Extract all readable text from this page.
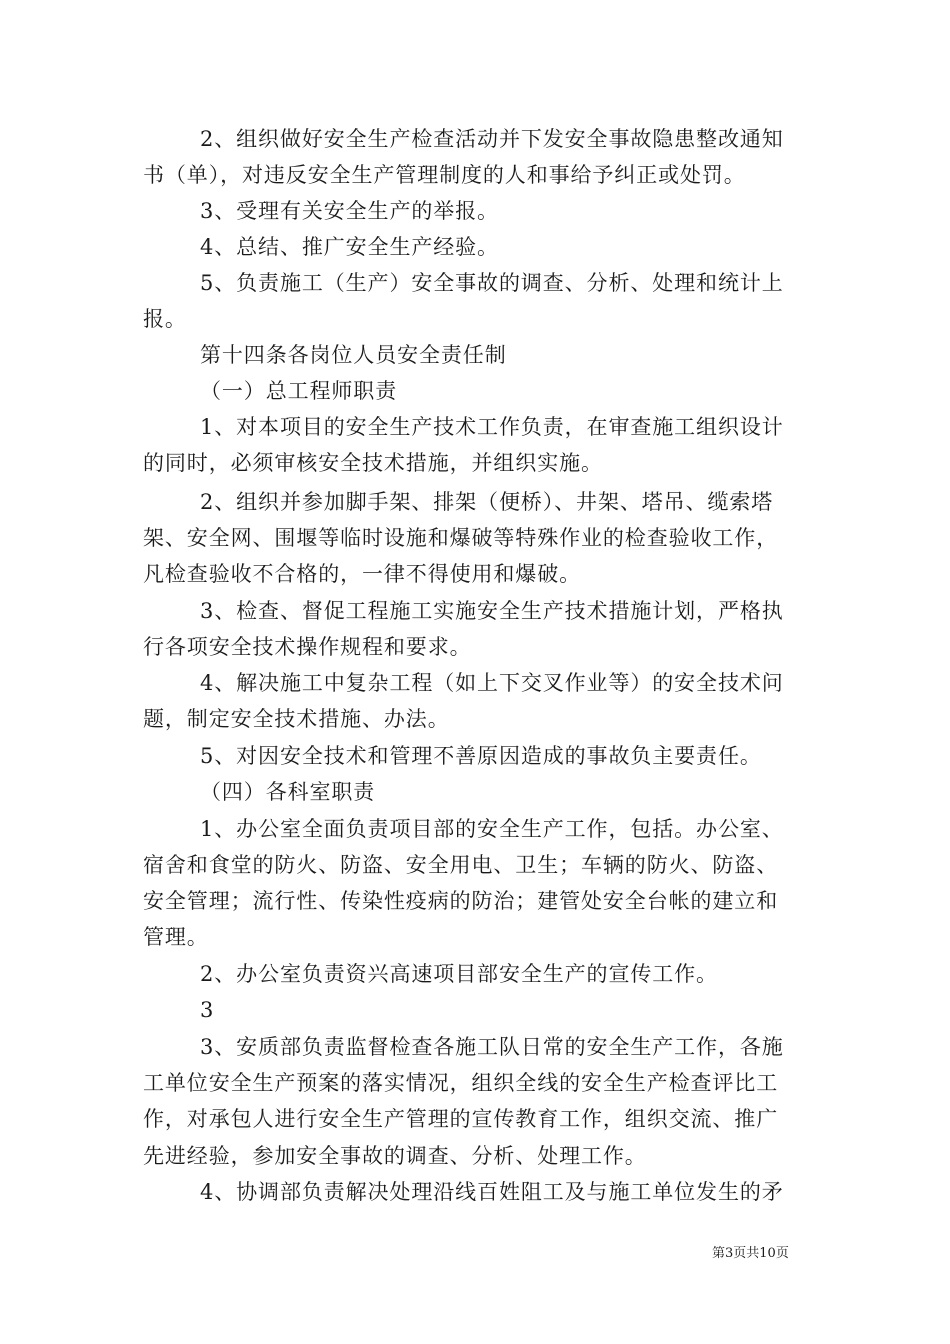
2、组织做好安全生产检查活动并下发安全事故隐患整改通知
书（单），对违反安全生产管理制度的人和事给予纠正或处罚。
3、受理有关安全生产的举报。
4、总结、推广安全生产经验。
5、负责施工（生产）安全事故的调查、分析、处理和统计上
报。
第十四条各岗位人员安全责任制
（一）总工程师职责
1、对本项目的安全生产技术工作负责，在审查施工组织设计
的同时，必须审核安全技术措施，并组织实施。
2、组织并参加脚手架、排架（便桥）、井架、塔吊、缆索塔
架、安全网、围堰等临时设施和爆破等特殊作业的检查验收工作，
凡检查验收不合格的，一律不得使用和爆破。
3、检查、督促工程施工实施安全生产技术措施计划，严格执
行各项安全技术操作规程和要求。
4、解决施工中复杂工程（如上下交叉作业等）的安全技术问
题，制定安全技术措施、办法。
5、对因安全技术和管理不善原因造成的事故负主要责任。
（四）各科室职责
1、办公室全面负责项目部的安全生产工作，包括。办公室、
宿舍和食堂的防火、防盗、安全用电、卫生；车辆的防火、防盗、
安全管理；流行性、传染性疫病的防治；建管处安全台帐的建立和
管理。
2、办公室负责资兴高速项目部安全生产的宣传工作。
3
3、安质部负责监督检查各施工队日常的安全生产工作，各施
工单位安全生产预案的落实情况，组织全线的安全生产检查评比工
作，对承包人进行安全生产管理的宣传教育工作，组织交流、推广
先进经验，参加安全事故的调查、分析、处理工作。
4、协调部负责解决处理沿线百姓阻工及与施工单位发生的矛
第3页共10页
